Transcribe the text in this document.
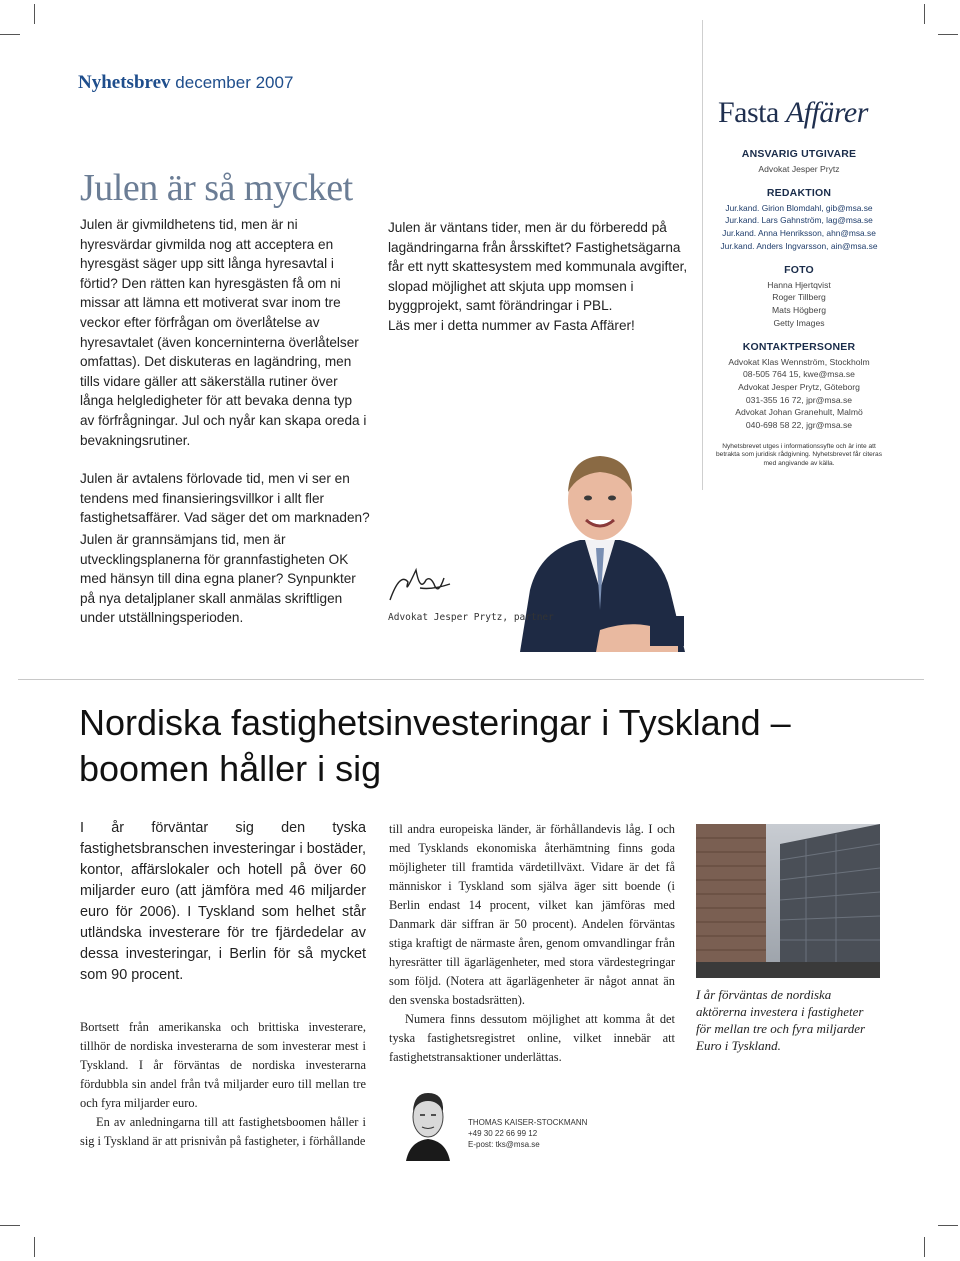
Nyhetsbrev december 2007
Fasta Affärer
Julen är så mycket

Julen är givmildhetens tid, men är ni hyresvärdar givmilda nog att acceptera en hyresgäst säger upp sitt långa hyresavtal i förtid? Den rätten kan hyresgästen få om ni missar att lämna ett motiverat svar inom tre veckor efter förfrågan om överlåtelse av hyresavtalet (även koncerninterna överlåtelser omfattas). Det diskuteras en lagändring, men tills vidare gäller att säkerställa rutiner över långa helgledigheter för att bevaka denna typ av förfrågningar. Jul och nyår kan skapa oreda i bevakningsrutiner.

Julen är avtalens förlovade tid, men vi ser en tendens med finansieringsvillkor i allt fler fastighetsaffärer. Vad säger det om marknaden?

Julen är grannsämjans tid, men är utvecklingsplanerna för grannfastigheten OK med hänsyn till dina egna planer? Synpunkter på nya detaljplaner skall anmälas skriftligen under utställningsperioden.

Julen är väntans tider, men är du förberedd på lagändringarna från årsskiftet? Fastighetsägarna får ett nytt skattesystem med kommunala avgifter, slopad möjlighet att skjuta upp momsen i byggprojekt, samt förändringar i PBL.

Läs mer i detta nummer av Fasta Affärer!

Advokat Jesper Prytz, partner
ANSVARIG UTGIVARE
Advokat Jesper Prytz
REDAKTION
Jur.kand. Girion Blomdahl, gib@msa.se
Jur.kand. Lars Gahnström, lag@msa.se
Jur.kand. Anna Henriksson, ahn@msa.se
Jur.kand. Anders Ingvarsson, ain@msa.se
FOTO
Hanna Hjertqvist
Roger Tillberg
Mats Högberg
Getty Images
KONTAKTPERSONER
Advokat Klas Wennström, Stockholm
08-505 764 15, kwe@msa.se
Advokat Jesper Prytz, Göteborg
031-355 16 72, jpr@msa.se
Advokat Johan Granehult, Malmö
040-698 58 22, jgr@msa.se
Nyhetsbrevet utges i informationssyfte och är inte att betrakta som juridisk rådgivning. Nyhetsbrevet får citeras med angivande av källa.
Nordiska fastighetsinvesteringar i Tyskland – boomen håller i sig
I år förväntar sig den tyska fastighetsbranschen investeringar i bostäder, kontor, affärslokaler och hotell på över 60 miljarder euro (att jämföra med 46 miljarder euro för 2006). I Tyskland som helhet står utländska investerare för tre fjärdedelar av dessa investeringar, i Berlin för så mycket som 90 procent.

Bortsett från amerikanska och brittiska investerare, tillhör de nordiska investerarna de som investerar mest i Tyskland. I år förväntas de nordiska investerarna fördubbla sin andel från två miljarder euro till mellan tre och fyra miljarder euro.

En av anledningarna till att fastighetsboomen håller i sig i Tyskland är att prisnivån på fastigheter, i förhållande

till andra europeiska länder, är förhållandevis låg. I och med Tysklands ekonomiska återhämtning finns goda möjligheter till framtida värdetillväxt. Vidare är det få människor i Tyskland som själva äger sitt boende (i Berlin endast 14 procent, vilket kan jämföras med Danmark där siffran är 50 procent). Andelen förväntas stiga kraftigt de närmaste åren, genom omvandlingar från hyresrätter till ägarlägenheter, med stora värdestegringar som följd. (Notera att ägarlägenheter är något annat än den svenska bostadsrätten).

Numera finns dessutom möjlighet att komma åt det tyska fastighetsregistret online, vilket innebär att fastighetstransaktioner underlättas.

I år förväntas de nordiska aktörerna investera i fastigheter för mellan tre och fyra miljarder Euro i Tyskland.
THOMAS KAISER-STOCKMANN
+49 30 22 66 99 12
E-post: tks@msa.se
